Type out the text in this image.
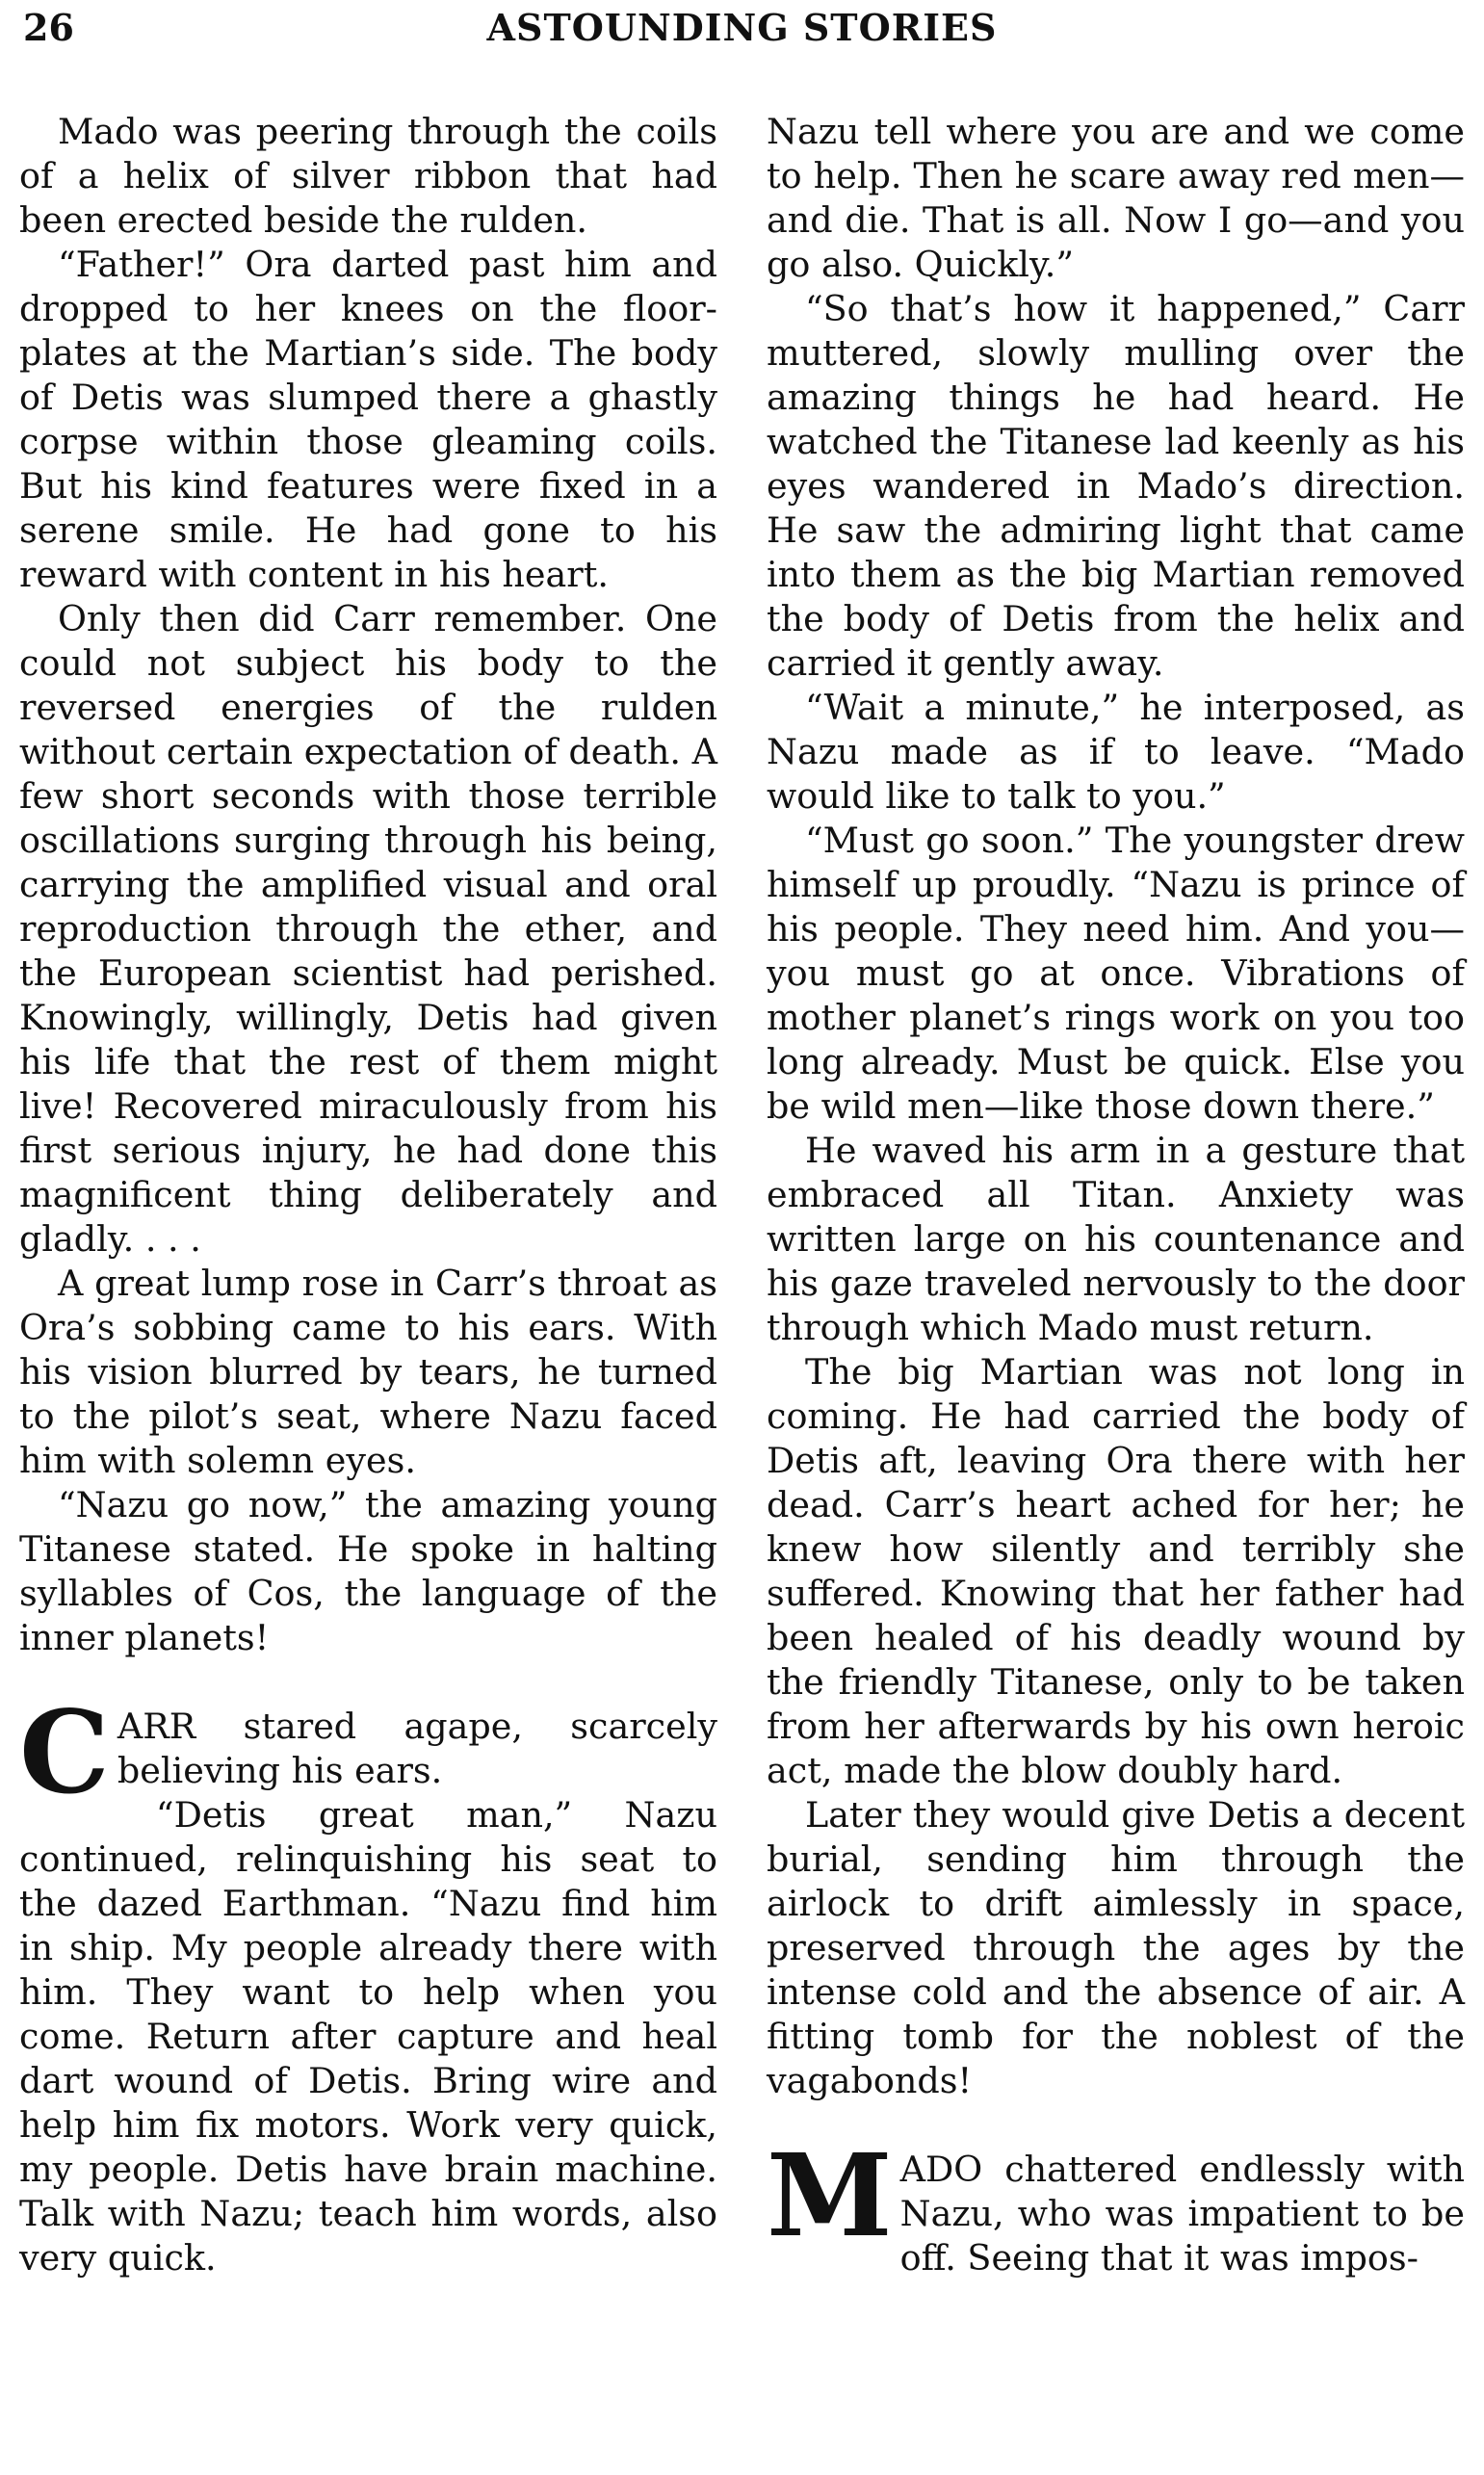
26	ASTOUNDING STORIES

Mado was peering through the coils of a helix of silver ribbon that had been erected beside the rulden.

“Father!” Ora darted past him and dropped to her knees on the floor-plates at the Martian’s side. The body of Detis was slumped there a ghastly corpse within those gleaming coils. But his kind features were fixed in a serene smile. He had gone to his reward with content in his heart.

Only then did Carr remember. One could not subject his body to the reversed energies of the rulden without certain expectation of death. A few short seconds with those terrible oscillations surging through his being, carrying the amplified visual and oral reproduction through the ether, and the European scientist had perished. Knowingly, willingly, Detis had given his life that the rest of them might live! Recovered miraculously from his first serious injury, he had done this magnificent thing deliberately and gladly. . . .

A great lump rose in Carr’s throat as Ora’s sobbing came to his ears. With his vision blurred by tears, he turned to the pilot’s seat, where Nazu faced him with solemn eyes.

“Nazu go now,” the amazing young Titanese stated. He spoke in halting syllables of Cos, the language of the inner planets!

CARR stared agape, scarcely believing his ears.

“Detis great man,” Nazu continued, relinquishing his seat to the dazed Earthman. “Nazu find him in ship. My people already there with him. They want to help when you come. Return after capture and heal dart wound of Detis. Bring wire and help him fix motors. Work very quick, my people. Detis have brain machine. Talk with Nazu; teach him words, also very quick.

Nazu tell where you are and we come to help. Then he scare away red men—and die. That is all. Now I go—and you go also. Quickly.”

“So that’s how it happened,” Carr muttered, slowly mulling over the amazing things he had heard. He watched the Titanese lad keenly as his eyes wandered in Mado’s direction. He saw the admiring light that came into them as the big Martian removed the body of Detis from the helix and carried it gently away.

“Wait a minute,” he interposed, as Nazu made as if to leave. “Mado would like to talk to you.”

“Must go soon.” The youngster drew himself up proudly. “Nazu is prince of his people. They need him. And you—you must go at once. Vibrations of mother planet’s rings work on you too long already. Must be quick. Else you be wild men—like those down there.”

He waved his arm in a gesture that embraced all Titan. Anxiety was written large on his countenance and his gaze traveled nervously to the door through which Mado must return.

The big Martian was not long in coming. He had carried the body of Detis aft, leaving Ora there with her dead. Carr’s heart ached for her; he knew how silently and terribly she suffered. Knowing that her father had been healed of his deadly wound by the friendly Titanese, only to be taken from her afterwards by his own heroic act, made the blow doubly hard.

Later they would give Detis a decent burial, sending him through the airlock to drift aimlessly in space, preserved through the ages by the intense cold and the absence of air. A fitting tomb for the noblest of the vagabonds!

MADO chattered endlessly with Nazu, who was impatient to be off. Seeing that it was impos-
